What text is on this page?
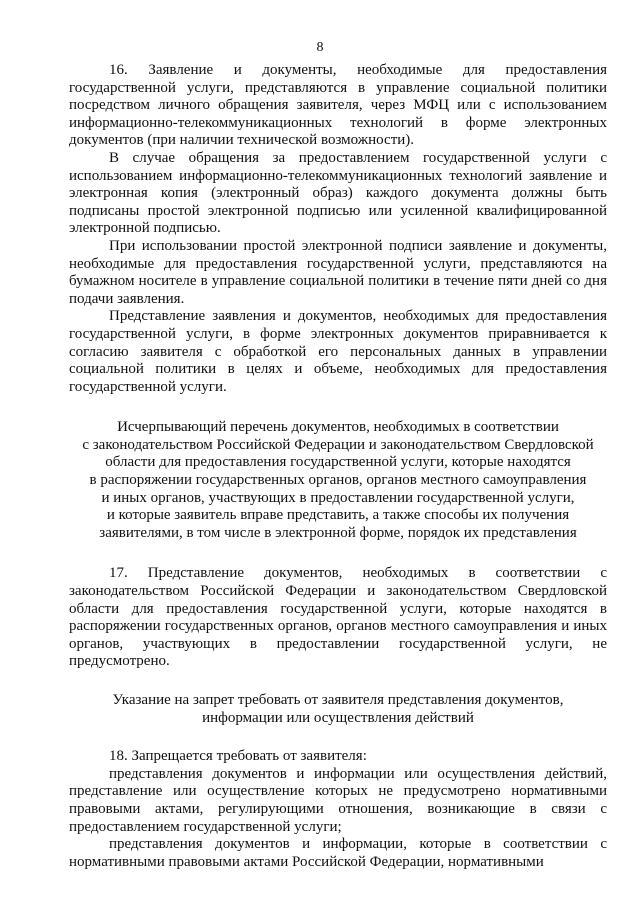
8

16. Заявление и документы, необходимые для предоставления государственной услуги, представляются в управление социальной политики посредством личного обращения заявителя, через МФЦ или с использованием информационно-телекоммуникационных технологий в форме электронных документов (при наличии технической возможности).

В случае обращения за предоставлением государственной услуги с использованием информационно-телекоммуникационных технологий заявление и электронная копия (электронный образ) каждого документа должны быть подписаны простой электронной подписью или усиленной квалифицированной электронной подписью.

При использовании простой электронной подписи заявление и документы, необходимые для предоставления государственной услуги, представляются на бумажном носителе в управление социальной политики в течение пяти дней со дня подачи заявления.

Представление заявления и документов, необходимых для предоставления государственной услуги, в форме электронных документов приравнивается к согласию заявителя с обработкой его персональных данных в управлении социальной политики в целях и объеме, необходимых для предоставления государственной услуги.

Исчерпывающий перечень документов, необходимых в соответствии
с законодательством Российской Федерации и законодательством Свердловской
области для предоставления государственной услуги, которые находятся
в распоряжении государственных органов, органов местного самоуправления
и иных органов, участвующих в предоставлении государственной услуги,
и которые заявитель вправе представить, а также способы их получения
заявителями, в том числе в электронной форме, порядок их представления

17. Представление документов, необходимых в соответствии с законодательством Российской Федерации и законодательством Свердловской области для предоставления государственной услуги, которые находятся в распоряжении государственных органов, органов местного самоуправления и иных органов, участвующих в предоставлении государственной услуги, не предусмотрено.

Указание на запрет требовать от заявителя представления документов,
информации или осуществления действий

18. Запрещается требовать от заявителя:

представления документов и информации или осуществления действий, представление или осуществление которых не предусмотрено нормативными правовыми актами, регулирующими отношения, возникающие в связи с предоставлением государственной услуги;

представления документов и информации, которые в соответствии с нормативными правовыми актами Российской Федерации, нормативными
